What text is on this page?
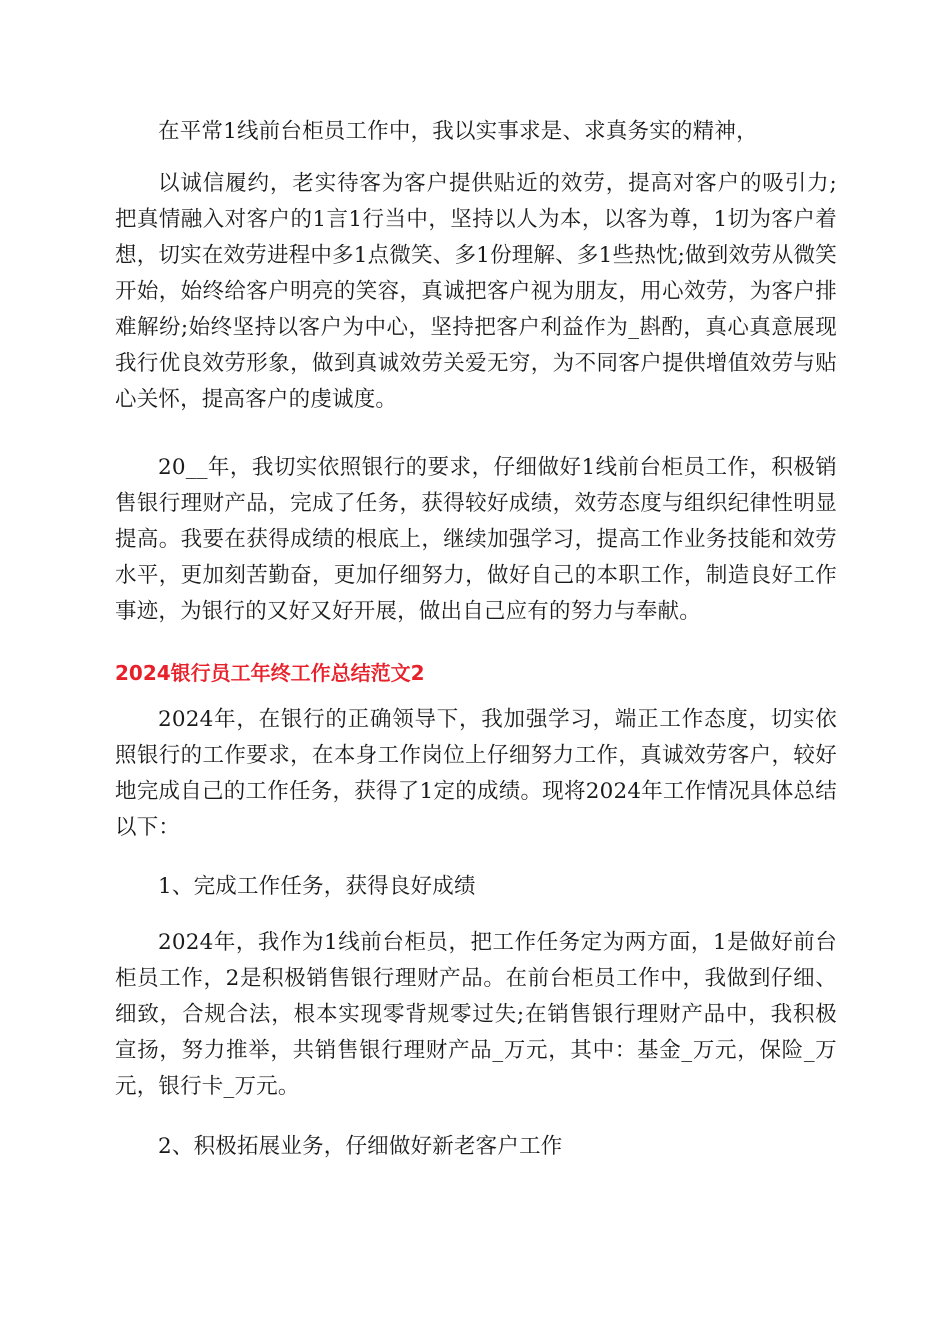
在平常1线前台柜员工作中，我以实事求是、求真务实的精神，

以诚信履约，老实待客为客户提供贴近的效劳，提高对客户的吸引力;把真情融入对客户的1言1行当中，坚持以人为本，以客为尊，1切为客户着想，切实在效劳进程中多1点微笑、多1份理解、多1些热忱;做到效劳从微笑开始，始终给客户明亮的笑容，真诚把客户视为朋友，用心效劳，为客户排难解纷;始终坚持以客户为中心，坚持把客户利益作为_斟酌，真心真意展现我行优良效劳形象，做到真诚效劳关爱无穷，为不同客户提供增值效劳与贴心关怀，提高客户的虔诚度。

20__年，我切实依照银行的要求，仔细做好1线前台柜员工作，积极销售银行理财产品，完成了任务，获得较好成绩，效劳态度与组织纪律性明显提高。我要在获得成绩的根底上，继续加强学习，提高工作业务技能和效劳水平，更加刻苦勤奋，更加仔细努力，做好自己的本职工作，制造良好工作事迹，为银行的又好又好开展，做出自己应有的努力与奉献。

2024银行员工年终工作总结范文2

2024年，在银行的正确领导下，我加强学习，端正工作态度，切实依照银行的工作要求，在本身工作岗位上仔细努力工作，真诚效劳客户，较好地完成自己的工作任务，获得了1定的成绩。现将2024年工作情况具体总结以下：

1、完成工作任务，获得良好成绩

2024年，我作为1线前台柜员，把工作任务定为两方面，1是做好前台柜员工作，2是积极销售银行理财产品。在前台柜员工作中，我做到仔细、细致，合规合法，根本实现零背规零过失;在销售银行理财产品中，我积极宣扬，努力推举，共销售银行理财产品_万元，其中：基金_万元，保险_万元，银行卡_万元。

2、积极拓展业务，仔细做好新老客户工作
